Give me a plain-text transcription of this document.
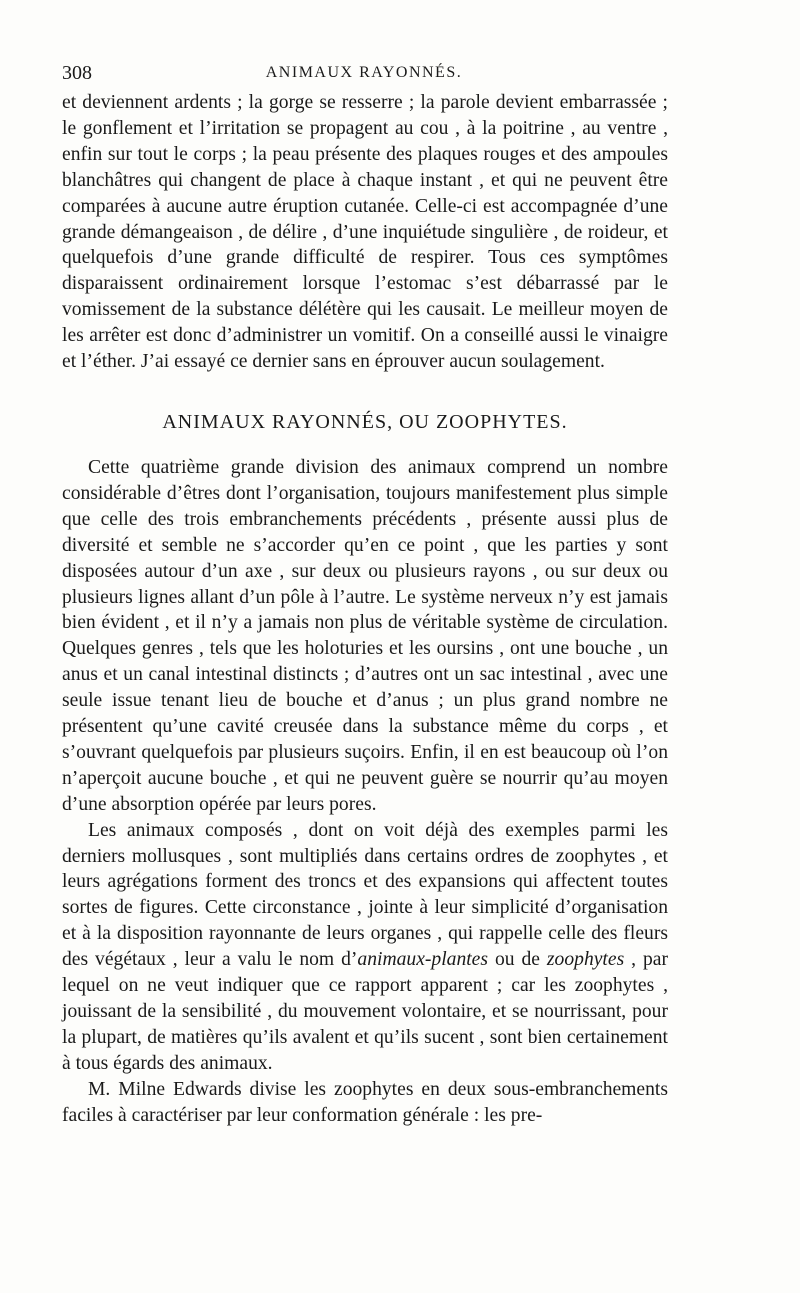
308	ANIMAUX RAYONNÉS.

et deviennent ardents ; la gorge se resserre ; la parole devient embarrassée ; le gonflement et l’irritation se propagent au cou , à la poitrine , au ventre , enfin sur tout le corps ; la peau présente des plaques rouges et des ampoules blanchâtres qui changent de place à chaque instant , et qui ne peuvent être comparées à aucune autre éruption cutanée. Celle-ci est accompagnée d’une grande démangeaison , de délire , d’une inquiétude singulière , de roideur, et quelquefois d’une grande difficulté de respirer. Tous ces symptômes disparaissent ordinairement lorsque l’estomac s’est débarrassé par le vomissement de la substance délétère qui les causait. Le meilleur moyen de les arrêter est donc d’administrer un vomitif. On a conseillé aussi le vinaigre et l’éther. J’ai essayé ce dernier sans en éprouver aucun soulagement.

ANIMAUX RAYONNÉS, OU ZOOPHYTES.

Cette quatrième grande division des animaux comprend un nombre considérable d’êtres dont l’organisation, toujours manifestement plus simple que celle des trois embranchements précédents , présente aussi plus de diversité et semble ne s’accorder qu’en ce point , que les parties y sont disposées autour d’un axe , sur deux ou plusieurs rayons , ou sur deux ou plusieurs lignes allant d’un pôle à l’autre. Le système nerveux n’y est jamais bien évident , et il n’y a jamais non plus de véritable système de circulation. Quelques genres , tels que les holoturies et les oursins , ont une bouche , un anus et un canal intestinal distincts ; d’autres ont un sac intestinal , avec une seule issue tenant lieu de bouche et d’anus ; un plus grand nombre ne présentent qu’une cavité creusée dans la substance même du corps , et s’ouvrant quelquefois par plusieurs suçoirs. Enfin, il en est beaucoup où l’on n’aperçoit aucune bouche , et qui ne peuvent guère se nourrir qu’au moyen d’une absorption opérée par leurs pores.

Les animaux composés , dont on voit déjà des exemples parmi les derniers mollusques , sont multipliés dans certains ordres de zoophytes , et leurs agrégations forment des troncs et des expansions qui affectent toutes sortes de figures. Cette circonstance , jointe à leur simplicité d’organisation et à la disposition rayonnante de leurs organes , qui rappelle celle des fleurs des végétaux , leur a valu le nom d’animaux-plantes ou de zoophytes , par lequel on ne veut indiquer que ce rapport apparent ; car les zoophytes , jouissant de la sensibilité , du mouvement volontaire, et se nourrissant, pour la plupart, de matières qu’ils avalent et qu’ils sucent , sont bien certainement à tous égards des animaux.

M. Milne Edwards divise les zoophytes en deux sous-embranchements faciles à caractériser par leur conformation générale : les pre-
